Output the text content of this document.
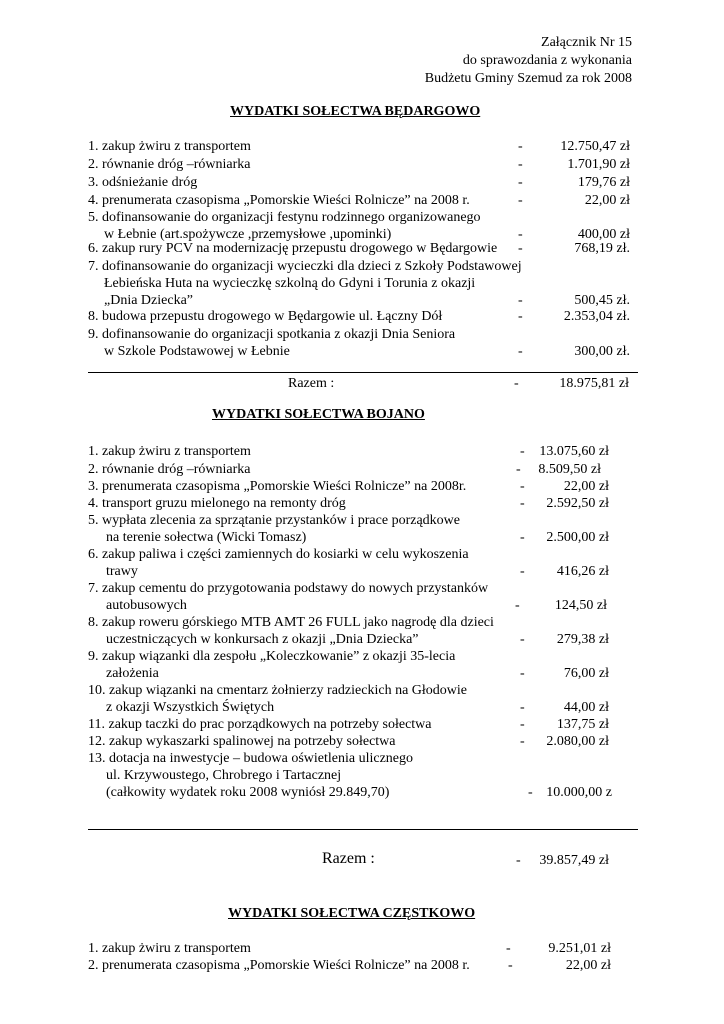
Załącznik Nr 15
do sprawozdania z wykonania
Budżetu Gminy Szemud za rok 2008
WYDATKI SOŁECTWA BĘDARGOWO
1. zakup żwiru z transportem	-	12.750,47 zł
2. równanie dróg –równiarka	-	1.701,90 zł
3. odśnieżanie dróg	-	179,76 zł
4. prenumerata czasopisma „Pomorskie Wieści Rolnicze” na 2008 r.	-	22,00 zł
5. dofinansowanie do organizacji festynu rodzinnego organizowanego
w Łebnie (art.spożywcze ,przemysłowe ,upominki)	-	400,00 zł
6. zakup rury PCV na modernizację przepustu drogowego w Będargowie -	768,19 zł.
7. dofinansowanie do organizacji wycieczki dla dzieci z Szkoły Podstawowej
Łebieńska Huta na wycieczkę szkolną do Gdyni i Torunia z okazji
„Dnia Dziecka”	-	500,45 zł.
8. budowa przepustu drogowego w Będargowie ul. Łączny Dół	-	2.353,04 zł.
9. dofinansowanie do organizacji spotkania z okazji Dnia Seniora
w Szkole Podstawowej w Łebnie	-	300,00 zł.
Razem :	-	18.975,81 zł
WYDATKI SOŁECTWA BOJANO
1. zakup żwiru z transportem	- 13.075,60 zł
2. równanie dróg –równiarka	- 8.509,50 zł
3. prenumerata czasopisma „Pomorskie Wieści Rolnicze” na 2008r.	-	22,00 zł
4. transport gruzu mielonego na remonty dróg	- 2.592,50 zł
5. wypłata zlecenia za sprzątanie przystanków i prace porządkowe
na terenie sołectwa (Wicki Tomasz)	- 2.500,00 zł
6. zakup paliwa i części zamiennych do kosiarki w celu wykoszenia
trawy	- 416,26 zł
7. zakup cementu do przygotowania podstawy do nowych przystanków
autobusowych	-	124,50 zł
8. zakup roweru górskiego MTB AMT 26 FULL jako nagrodę dla dzieci
uczestniczących w konkursach z okazji „Dnia Dziecka”	- 279,38 zł
9. zakup wiązanki dla zespołu „Koleczkowanie” z okazji 35-lecia
założenia	-	76,00 zł
10. zakup wiązanki na cmentarz żołnierzy radzieckich na Głodowie
z okazji Wszystkich Świętych	-	44,00 zł
11. zakup taczki do prac porządkowych na potrzeby sołectwa	- 137,75 zł
12. zakup wykaszarki spalinowej na potrzeby sołectwa	- 2.080,00 zł
13. dotacja na inwestycje – budowa oświetlenia ulicznego
ul. Krzywoustego, Chrobrego i Tartacznej
(całkowity wydatek roku 2008 wyniósł 29.849,70)	- 10.000,00 z
Razem :	- 39.857,49 zł
WYDATKI SOŁECTWA CZĘSTKOWO
1. zakup żwiru z transportem	-	9.251,01 zł
2. prenumerata czasopisma „Pomorskie Wieści Rolnicze” na 2008 r.	-	22,00 zł
